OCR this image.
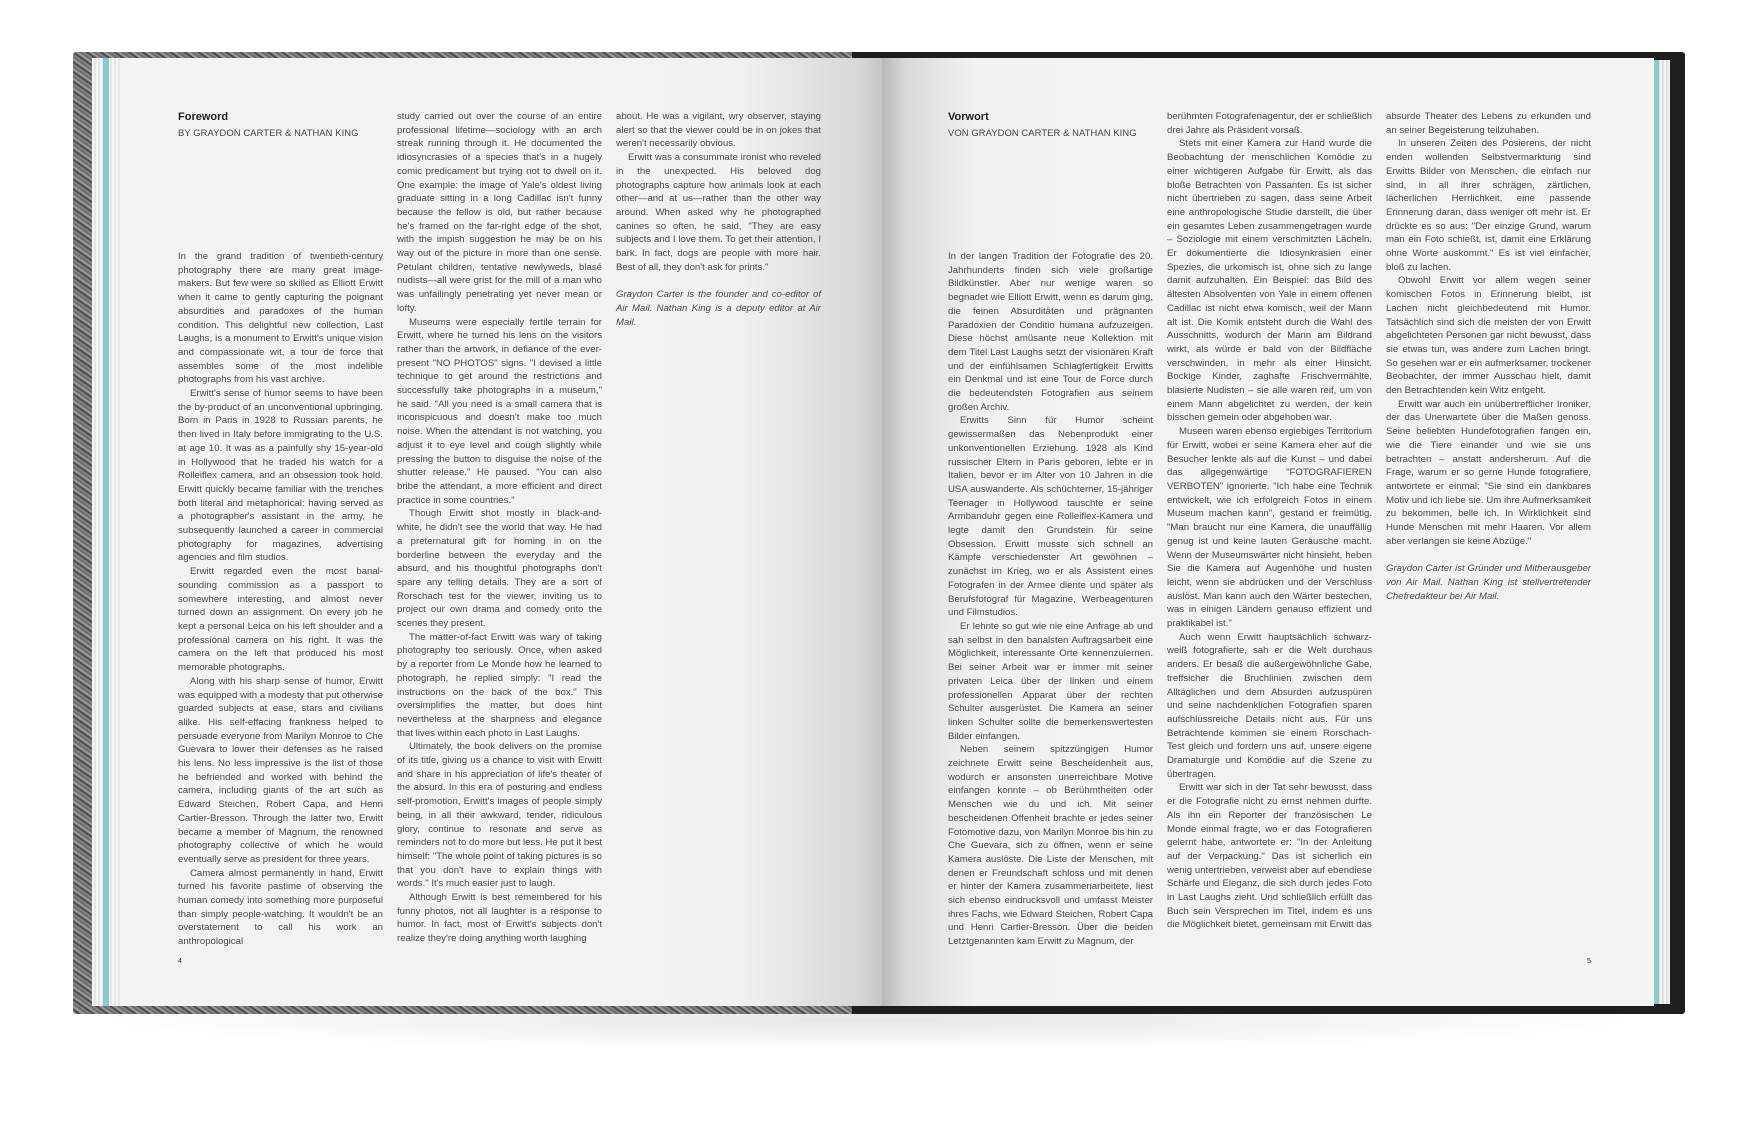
Foreword
BY GRAYDON CARTER & NATHAN KING

In the grand tradition of twentieth-century photography there are many great image-makers. But few were so skilled as Elliott Erwitt when it came to gently capturing the poignant absurdities and paradoxes of the human condition. This delightful new collection, Last Laughs, is a monument to Erwitt's unique vision and compassionate wit, a tour de force that assembles some of the most indelible photographs from his vast archive.

Erwitt's sense of humor seems to have been the by-product of an unconventional upbringing. Born in Paris in 1928 to Russian parents, he then lived in Italy before immigrating to the U.S. at age 10. It was as a painfully shy 15-year-old in Hollywood that he traded his watch for a Rolleiflex camera, and an obsession took hold. Erwitt quickly became familiar with the trenches both literal and metaphorical: having served as a photographer's assistant in the army, he subsequently launched a career in commercial photography for magazines, advertising agencies and film studios.

Erwitt regarded even the most banal-sounding commission as a passport to somewhere interesting, and almost never turned down an assignment. On every job he kept a personal Leica on his left shoulder and a professional camera on his right. It was the camera on the left that produced his most memorable photographs.

Along with his sharp sense of humor, Erwitt was equipped with a modesty that put otherwise guarded subjects at ease, stars and civilians alike. His self-effacing frankness helped to persuade everyone from Marilyn Monroe to Che Guevara to lower their defenses as he raised his lens. No less impressive is the list of those he befriended and worked with behind the camera, including giants of the art such as Edward Steichen, Robert Capa, and Henri Cartier-Bresson. Through the latter two, Erwitt became a member of Magnum, the renowned photography collective of which he would eventually serve as president for three years.

Camera almost permanently in hand, Erwitt turned his favorite pastime of observing the human comedy into something more purposeful than simply people-watching. It wouldn't be an overstatement to call his work an anthropological

study carried out over the course of an entire professional lifetime—sociology with an arch streak running through it. He documented the idiosyncrasies of a species that's in a hugely comic predicament but trying not to dwell on it. One example: the image of Yale's oldest living graduate sitting in a long Cadillac isn't funny because the fellow is old, but rather because he's framed on the far-right edge of the shot, with the impish suggestion he may be on his way out of the picture in more than one sense. Petulant children, tentative newlyweds, blasé nudists—all were grist for the mill of a man who was unfailingly penetrating yet never mean or lofty.

Museums were especially fertile terrain for Erwitt, where he turned his lens on the visitors rather than the artwork, in defiance of the ever-present "NO PHOTOS" signs. "I devised a little technique to get around the restrictions and successfully take photographs in a museum," he said. "All you need is a small camera that is inconspicuous and doesn't make too much noise. When the attendant is not watching, you adjust it to eye level and cough slightly while pressing the button to disguise the noise of the shutter release." He paused. "You can also bribe the attendant, a more efficient and direct practice in some countries."

Though Erwitt shot mostly in black-and-white, he didn't see the world that way. He had a preternatural gift for homing in on the borderline between the everyday and the absurd, and his thoughtful photographs don't spare any telling details. They are a sort of Rorschach test for the viewer, inviting us to project our own drama and comedy onto the scenes they present.

The matter-of-fact Erwitt was wary of taking photography too seriously. Once, when asked by a reporter from Le Monde how he learned to photograph, he replied simply: "I read the instructions on the back of the box." This oversimplifies the matter, but does hint nevertheless at the sharpness and elegance that lives within each photo in Last Laughs.

Ultimately, the book delivers on the promise of its title, giving us a chance to visit with Erwitt and share in his appreciation of life's theater of the absurd. In this era of posturing and endless self-promotion, Erwitt's images of people simply being, in all their awkward, tender, ridiculous glory, continue to resonate and serve as reminders not to do more but less. He put it best himself: "The whole point of taking pictures is so that you don't have to explain things with words." It's much easier just to laugh.

Although Erwitt is best remembered for his funny photos, not all laughter is a response to humor. In fact, most of Erwitt's subjects don't realize they're doing anything worth laughing

about. He was a vigilant, wry observer, staying alert so that the viewer could be in on jokes that weren't necessarily obvious.

Erwitt was a consummate ironist who reveled in the unexpected. His beloved dog photographs capture how animals look at each other—and at us—rather than the other way around. When asked why he photographed canines so often, he said, "They are easy subjects and I love them. To get their attention, I bark. In fact, dogs are people with more hair. Best of all, they don't ask for prints."

Graydon Carter is the founder and co-editor of Air Mail. Nathan King is a deputy editor at Air Mail.

4
Vorwort
VON GRAYDON CARTER & NATHAN KING

In der langen Tradition der Fotografie des 20. Jahrhunderts finden sich viele großartige Bildkünstler. Aber nur wenige waren so begnadet wie Elliott Erwitt, wenn es darum ging, die feinen Absurditäten und prägnanten Paradoxien der Conditio humana aufzuzeigen. Diese höchst amüsante neue Kollektion mit dem Titel Last Laughs setzt der visionären Kraft und der einfühlsamen Schlagfertigkeit Erwitts ein Denkmal und ist eine Tour de Force durch die bedeutendsten Fotografien aus seinem großen Archiv.

Erwitts Sinn für Humor scheint gewissermaßen das Nebenprodukt einer unkonventionellen Erziehung. 1928 als Kind russischer Eltern in Paris geboren, lebte er in Italien, bevor er im Alter von 10 Jahren in die USA auswanderte. Als schüchterner, 15-jähriger Teenager in Hollywood tauschte er seine Armbanduhr gegen eine Rolleiflex-Kamera und legte damit den Grundstein für seine Obsession. Erwitt musste sich schnell an Kämpfe verschiedenster Art gewöhnen – zunächst im Krieg, wo er als Assistent eines Fotografen in der Armee diente und später als Berufsfotograf für Magazine, Werbeagenturen und Filmstudios.

Er lehnte so gut wie nie eine Anfrage ab und sah selbst in den banalsten Auftragsarbeit eine Möglichkeit, interessante Orte kennenzulernen. Bei seiner Arbeit war er immer mit seiner privaten Leica über der linken und einem professionellen Apparat über der rechten Schulter ausgerüstet. Die Kamera an seiner linken Schulter sollte die bemerkenswertesten Bilder einfangen.

Neben seinem spitzzüngigen Humor zeichnete Erwitt seine Bescheidenheit aus, wodurch er ansonsten unerreichbare Motive einfangen konnte – ob Berühmtheiten oder Menschen wie du und ich. Mit seiner bescheidenen Offenheit brachte er jedes seiner Fotomotive dazu, von Marilyn Monroe bis hin zu Che Guevara, sich zu öffnen, wenn er seine Kamera auslöste. Die Liste der Menschen, mit denen er Freundschaft schloss und mit denen er hinter der Kamera zusammenarbeitete, liest sich ebenso eindrucksvoll und umfasst Meister ihres Fachs, wie Edward Steichen, Robert Capa und Henri Cartier-Bresson. Über die beiden Letztgenannten kam Erwitt zu Magnum, der

berühmten Fotografenagentur, der er schließlich drei Jahre als Präsident vorsaß.

Stets mit einer Kamera zur Hand wurde die Beobachtung der menschlichen Komödie zu einer wichtigeren Aufgabe für Erwitt, als das bloße Betrachten von Passanten. Es ist sicher nicht übertrieben zu sagen, dass seine Arbeit eine anthropologische Studie darstellt, die über ein gesamtes Leben zusammengetragen wurde – Soziologie mit einem verschmitzten Lächeln. Er dokumentierte die Idiosynkrasien einer Spezies, die urkomisch ist, ohne sich zu lange damit aufzuhalten. Ein Beispiel: das Bild des ältesten Absolventen von Yale in einem offenen Cadillac ist nicht etwa komisch, weil der Mann alt ist. Die Komik entsteht durch die Wahl des Ausschnitts, wodurch der Mann am Bildrand wirkt, als würde er bald von der Bildfläche verschwinden, in mehr als einer Hinsicht. Bockige Kinder, zaghafte Frischvermählte, blasierte Nudisten – sie alle waren reif, um von einem Mann abgelichtet zu werden, der kein bisschen gemein oder abgehoben war.

Museen waren ebenso ergiebiges Territorium für Erwitt, wobei er seine Kamera eher auf die Besucher lenkte als auf die Kunst – und dabei das allgegenwärtige "FOTOGRAFIEREN VERBOTEN" ignorierte. "Ich habe eine Technik entwickelt, wie ich erfolgreich Fotos in einem Museum machen kann", gestand er freimütig. "Man braucht nur eine Kamera, die unauffällig genug ist und keine lauten Geräusche macht. Wenn der Museumswärter nicht hinsieht, heben Sie die Kamera auf Augenhöhe und husten leicht, wenn sie abdrücken und der Verschluss auslöst. Man kann auch den Wärter bestechen, was in einigen Ländern genauso effizient und praktikabel ist."

Auch wenn Erwitt hauptsächlich schwarz-weiß fotografierte, sah er die Welt durchaus anders. Er besaß die außergewöhnliche Gabe, treffsicher die Bruchlinien zwischen dem Alltäglichen und dem Absurden aufzuspüren und seine nachdenklichen Fotografien sparen aufschlussreiche Details nicht aus. Für uns Betrachtende kommen sie einem Rorschach-Test gleich und fordern uns auf, unsere eigene Dramaturgie und Komödie auf die Szene zu übertragen.

Erwitt war sich in der Tat sehr bewusst, dass er die Fotografie nicht zu ernst nehmen durfte. Als ihn ein Reporter der französischen Le Monde einmal fragte, wo er das Fotografieren gelernt habe, antwortete er: "In der Anleitung auf der Verpackung." Das ist sicherlich ein wenig untertrieben, verweist aber auf ebendiese Schärfe und Eleganz, die sich durch jedes Foto in Last Laughs zieht. Und schließlich erfüllt das Buch sein Versprechen im Titel, indem es uns die Möglichkeit bietet, gemeinsam mit Erwitt das

absurde Theater des Lebens zu erkunden und an seiner Begeisterung teilzuhaben.

In unseren Zeiten des Posierens, der nicht enden wollenden Selbstvermarktung sind Erwitts Bilder von Menschen, die einfach nur sind, in all ihrer schrägen, zärtlichen, lächerlichen Herrlichkeit, eine passende Erinnerung daran, dass weniger oft mehr ist. Er drückte es so aus: "Der einzige Grund, warum man ein Foto schießt, ist, damit eine Erklärung ohne Worte auskommt." Es ist viel einfacher, bloß zu lachen.

Obwohl Erwitt vor allem wegen seiner komischen Fotos in Erinnerung bleibt, ist Lachen nicht gleichbedeutend mit Humor. Tatsächlich sind sich die meisten der von Erwitt abgelichteten Personen gar nicht bewusst, dass sie etwas tun, was andere zum Lachen bringt. So gesehen war er ein aufmerksamer, trockener Beobachter, der immer Ausschau hielt, damit den Betrachtenden kein Witz entgeht.

Erwitt war auch ein unübertrefflicher Ironiker, der das Unerwartete über die Maßen genoss. Seine beliebten Hundefotografien fangen ein, wie die Tiere einander und wie sie uns betrachten – anstatt andersherum. Auf die Frage, warum er so gerne Hunde fotografiere, antwortete er einmal: "Sie sind ein dankbares Motiv und ich liebe sie. Um ihre Aufmerksamkeit zu bekommen, belle ich. In Wirklichkeit sind Hunde Menschen mit mehr Haaren. Vor allem aber verlangen sie keine Abzüge."

Graydon Carter ist Gründer und Mitherausgeber von Air Mail. Nathan King ist stellvertretender Chefredakteur bei Air Mail.

5
